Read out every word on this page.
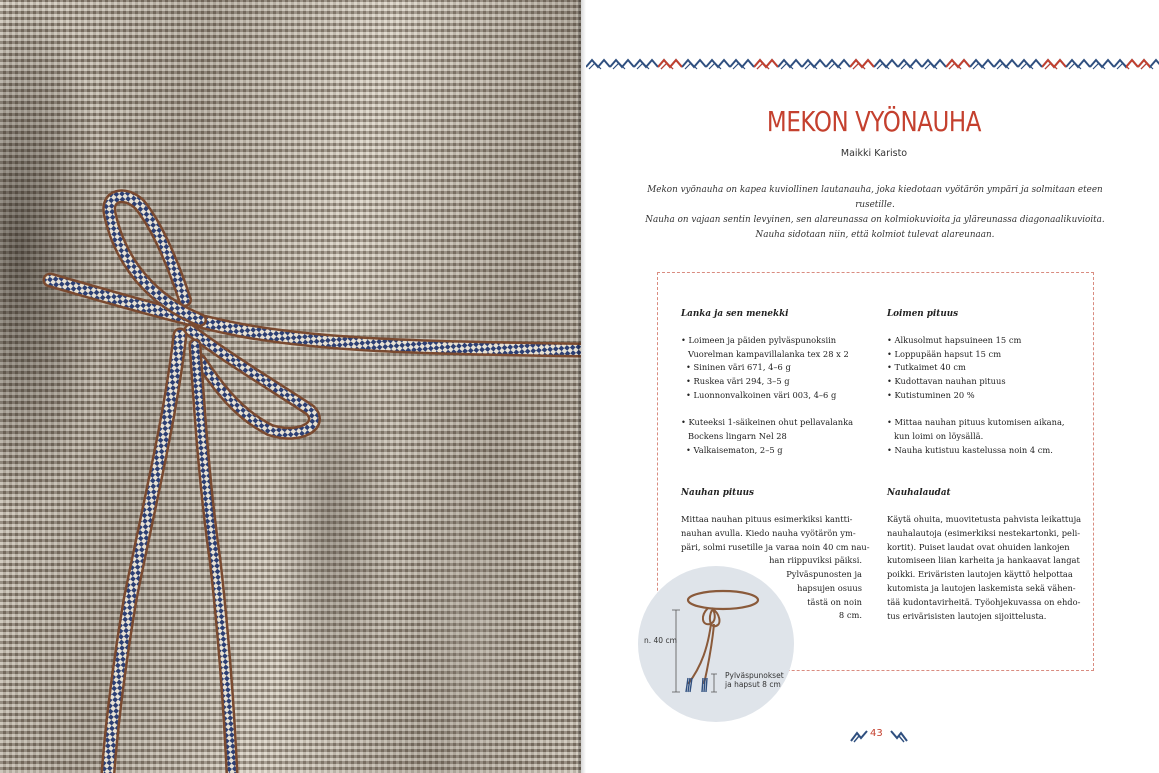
MEKON VYÖNAUHA
Maikki Karisto

Mekon vyönauha on kapea kuviollinen lautanauha, joka kiedotaan vyötärön ympäri ja solmitaan eteen rusetille.

Nauha on vajaan sentin levyinen, sen alareunassa on kolmiokuvioita ja yläreunassa diagonaalikuvioita.

Nauha sidotaan niin, että kolmiot tulevat alareunaan.

Lanka ja sen menekki
• Loimeen ja päiden pylväspunoksiin
Vuorelman kampavillalanka tex 28 x 2
• Sininen väri 671, 4–6 g
• Ruskea väri 294, 3–5 g
• Luonnonvalkoinen väri 003, 4–6 g
• Kuteeksi 1-säikeinen ohut pellavalanka
Bockens lingarn Nel 28
• Valkaisematon, 2–5 g
Loimen pituus
• Alkusolmut hapsuineen 15 cm
• Loppupään hapsut 15 cm
• Tutkaimet 40 cm
• Kudottavan nauhan pituus
• Kutistuminen 20 %
• Mittaa nauhan pituus kutomisen aikana,
kun loimi on löysällä.
• Nauha kutistuu kastelussa noin 4 cm.
Nauhan pituus
Mittaa nauhan pituus esimerkiksi kantti-
nauhan avulla. Kiedo nauha vyötärön ym-
päri, solmi rusetille ja varaa noin 40 cm nau-
han riippuviksi päiksi.
Pylväspunosten ja
hapsujen osuus
tästä on noin
8 cm.
Nauhalaudat
Käytä ohuita, muovitetusta pahvista leikattuja
nauhalautoja (esimerkiksi nestekartonki, peli-
kortit). Puiset laudat ovat ohuiden lankojen
kutomiseen liian karheita ja hankaavat langat
poikki. Eriväristen lautojen käyttö helpottaa
kutomista ja lautojen laskemista sekä vähen-
tää kudontavirheitä. Työohjekuvassa on ehdo-
tus erivärisisten lautojen sijoittelusta.
n. 40 cm
Pylväspunokset
ja hapsut 8 cm
43
